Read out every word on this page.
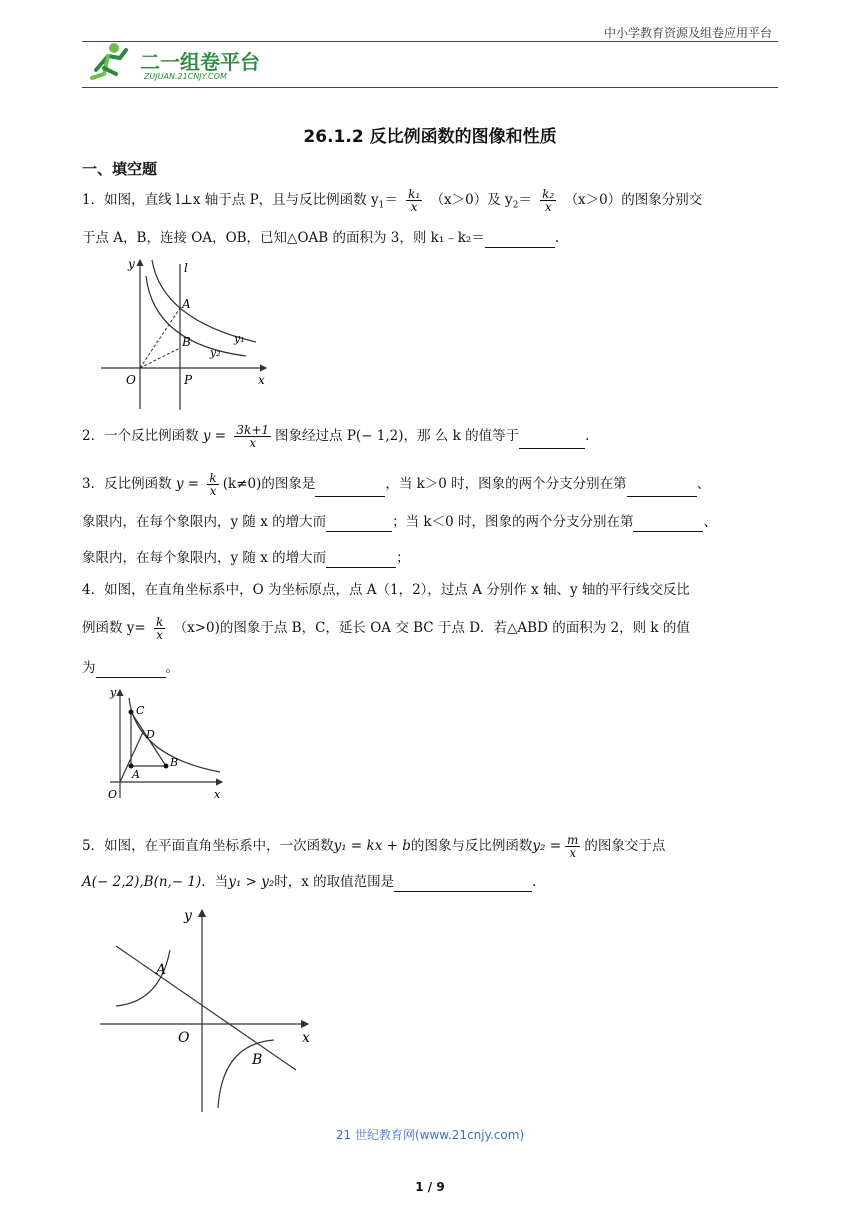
中小学教育资源及组卷应用平台
二一组卷平台
ZUJUAN.21CNJY.COM
26.1.2 反比例函数的图像和性质
一、填空题
1．如图，直线 l⊥x 轴于点 P，且与反比例函数 $y_1= \frac{\text{k₁}}{x} (x>0)$及 $y_2= \frac{\text{k₂}}{x} (x>0)$的图象分别交
于点 A，B，连接 OA，OB，已知△OAB 的面积为 3，则 k₁﹣k₂＝	.
y	l
A
B	y₁
y₂
O	P	x
2．一个反比例函数 $y = \frac{3k+1}{x}$ 图象经过点 P(− 1,2)，那 么 k 的值等于	.
3．反比例函数 $y = \frac{k}{x} (k\ne 0)$的图象是	，当 k＞0 时，图象的两个分支分别在第	、
象限内，在每个象限内，y 随 x 的增大而	；当 k＜0 时，图象的两个分支分别在第	、
象限内，在每个象限内，y 随 x 的增大而	；
4．如图，在直角坐标系中，O 为坐标原点，点 A（1，2），过点 A 分别作 x 轴、y 轴的平行线交反比
例函数 $y= \frac{k}{x} (x>0)$的图象于点 B，C，延长 OA 交 BC 于点 D．若△ABD 的面积为 2，则 k 的值
为	。
y
C
D
B
A
O	x
5．如图，在平面直角坐标系中，一次函数y₁ = kx + b的图象与反比例函数$y_2 = \frac{m}{x}$ 的图象交于点
A(− 2,2),B(n,− 1)．当y₁ > y₂时，x 的取值范围是	.
y
A
O	x
B
21 世纪教育网(www.21cnjy.com)
1 / 9
